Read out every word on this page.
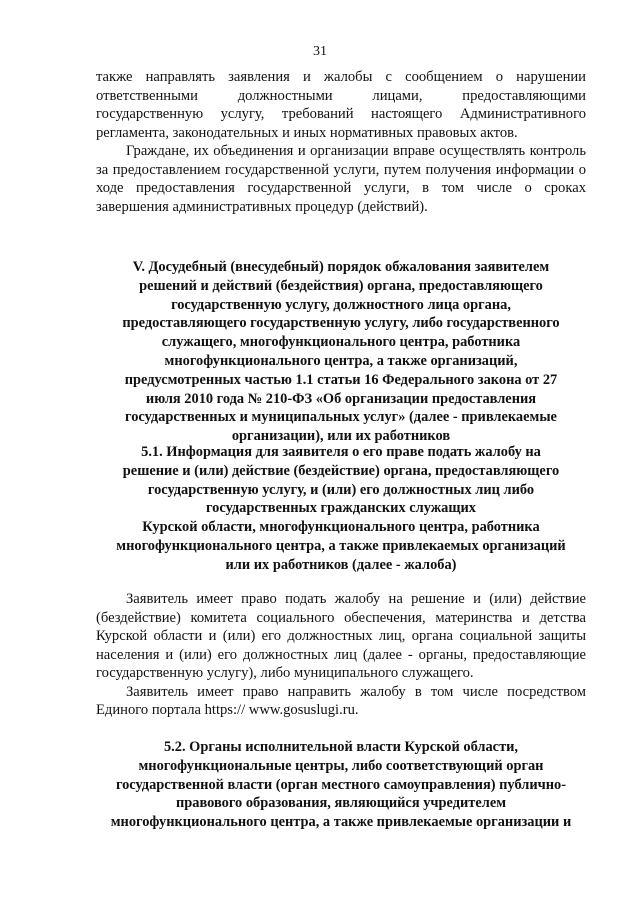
31

также направлять заявления и жалобы с сообщением о нарушении ответственными должностными лицами, предоставляющими государственную услугу, требований настоящего Административного регламента, законодательных и иных нормативных правовых актов.

Граждане, их объединения и организации вправе осуществлять контроль за предоставлением государственной услуги, путем получения информации о ходе предоставления государственной услуги, в том числе о сроках завершения административных процедур (действий).

V. Досудебный (внесудебный) порядок обжалования заявителем

решений и действий (бездействия) органа, предоставляющего

государственную услугу, должностного лица органа,

предоставляющего государственную услугу, либо государственного

служащего, многофункционального центра, работника

многофункционального центра, а также организаций,

предусмотренных частью 1.1 статьи 16 Федерального закона от 27

июля 2010 года № 210-ФЗ «Об организации предоставления

государственных и муниципальных услуг» (далее - привлекаемые

организации), или их работников

5.1. Информация для заявителя о его праве подать жалобу на

решение и (или) действие (бездействие) органа, предоставляющего

государственную услугу, и (или) его должностных лиц либо

государственных гражданских служащих

Курской области, многофункционального центра, работника

многофункционального центра, а также привлекаемых организаций

или их работников (далее - жалоба)

Заявитель имеет право подать жалобу на решение и (или) действие (бездействие) комитета социального обеспечения, материнства и детства Курской области и (или) его должностных лиц, органа социальной защиты населения и (или) его должностных лиц (далее - органы, предоставляющие государственную услугу), либо муниципального служащего.

Заявитель имеет право направить жалобу в том числе посредством Единого портала https:// www.gosuslugi.ru.

5.2. Органы исполнительной власти Курской области,

многофункциональные центры, либо соответствующий орган

государственной власти (орган местного самоуправления) публично-

правового образования, являющийся учредителем

многофункционального центра, а также привлекаемые организации и
